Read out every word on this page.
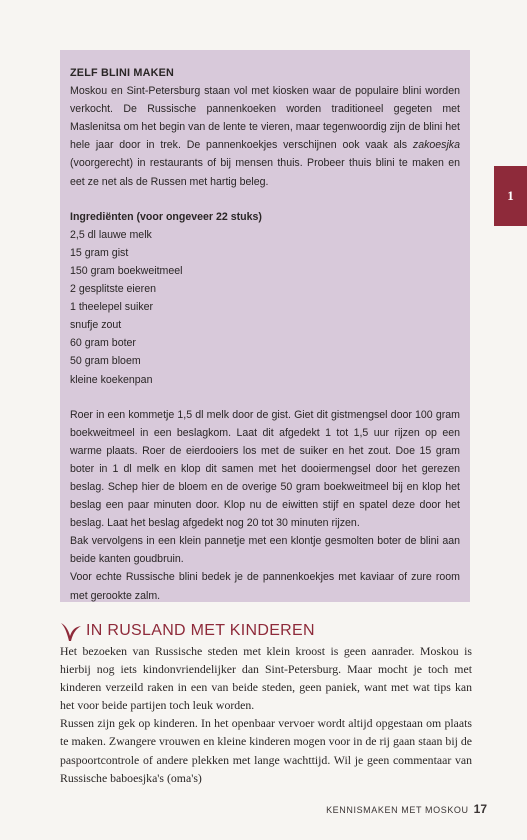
ZELF BLINI MAKEN

Moskou en Sint-Petersburg staan vol met kiosken waar de populaire blini worden verkocht. De Russische pannenkoeken worden traditioneel gegeten met Maslenitsa om het begin van de lente te vieren, maar tegenwoordig zijn de blini het hele jaar door in trek. De pannenkoekjes verschijnen ook vaak als zakoesjka (voorgerecht) in restaurants of bij mensen thuis. Probeer thuis blini te maken en eet ze net als de Russen met hartig beleg.

Ingrediënten (voor ongeveer 22 stuks)
2,5 dl lauwe melk
15 gram gist
150 gram boekweitmeel
2 gesplitste eieren
1 theelepel suiker
snufje zout
60 gram boter
50 gram bloem
kleine koekenpan

Roer in een kommetje 1,5 dl melk door de gist. Giet dit gistmengsel door 100 gram boekweitmeel in een beslagkom. Laat dit afgedekt 1 tot 1,5 uur rijzen op een warme plaats. Roer de eierdooiers los met de suiker en het zout. Doe 15 gram boter in 1 dl melk en klop dit samen met het dooiermengsel door het gerezen beslag. Schep hier de bloem en de overige 50 gram boekweitmeel bij en klop het beslag een paar minuten door. Klop nu de eiwitten stijf en spatel deze door het beslag. Laat het beslag afgedekt nog 20 tot 30 minuten rijzen.

Bak vervolgens in een klein pannetje met een klontje gesmolten boter de blini aan beide kanten goudbruin.

Voor echte Russische blini bedek je de pannenkoekjes met kaviaar of zure room met gerookte zalm.

1
IN RUSLAND MET KINDEREN

Het bezoeken van Russische steden met klein kroost is geen aanrader. Moskou is hierbij nog iets kindonvriendelijker dan Sint-Petersburg. Maar mocht je toch met kinderen verzeild raken in een van beide steden, geen paniek, want met wat tips kan het voor beide partijen toch leuk worden.

Russen zijn gek op kinderen. In het openbaar vervoer wordt altijd opgestaan om plaats te maken. Zwangere vrouwen en kleine kinderen mogen voor in de rij gaan staan bij de paspoortcontrole of andere plekken met lange wachttijd. Wil je geen commentaar van Russische baboesjka's (oma's)

KENNISMAKEN MET MOSKOU 17
